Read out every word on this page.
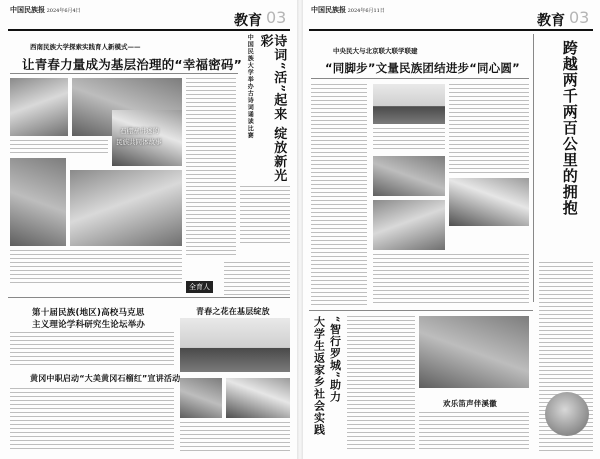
中国民族报 2024年6月4日
教育 03
西南民族大学探索实践育人新模式——
让青春力量成为基层治理的“幸福密码”
石棚寨讲述的
民族共同体故事
中国民族大学举办古诗词诵读比赛	诗词“活”起来 绽放新光彩
全育人
第十届民族(地区)高校马克思
主义理论学科研究生论坛举办
黄冈中职启动“大美黄冈石榴红”宣讲活动
青春之花在基层绽放
中国民族报 2024年6月11日
教育 03
中央民大与北京联大联学联建
“同脚步”文量民族团结进步“同心圆”	跨越两千两百公里的拥抱
大学生返家乡社会实践 “智行罗城”助力
欢乐笛声伴溪徽
